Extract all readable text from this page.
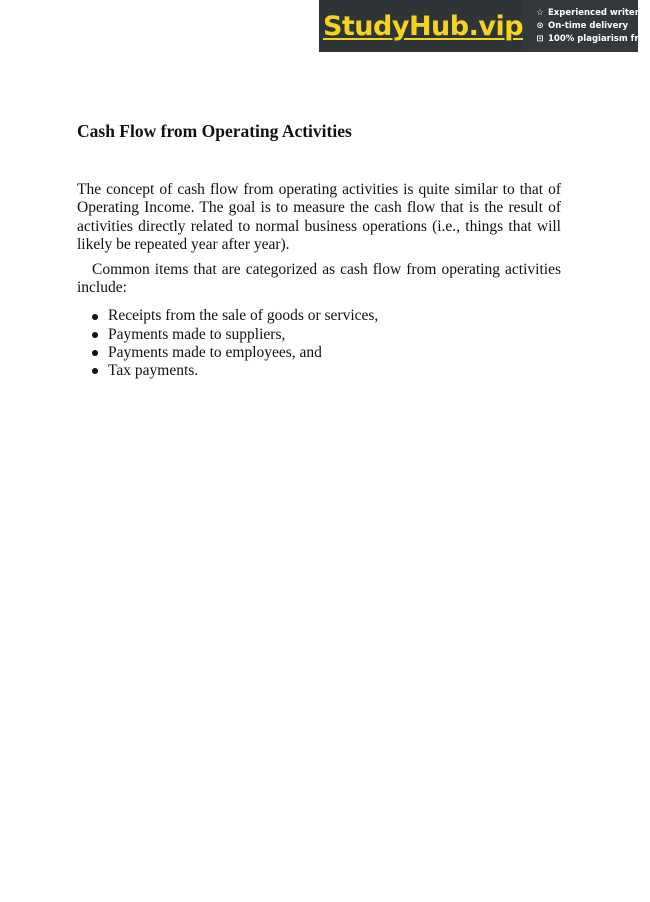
StudyHub.vip ☆ Experienced writers
⊙ On-time delivery
⊡ 100% plagiarism free
Cash Flow from Operating Activities

The concept of cash flow from operating activities is quite similar to that of Operating Income. The goal is to measure the cash flow that is the result of activities directly related to normal business operations (i.e., things that will likely be repeated year after year).

Common items that are categorized as cash flow from operating activities include:

Receipts from the sale of goods or services,
Payments made to suppliers,
Payments made to employees, and
Tax payments.
